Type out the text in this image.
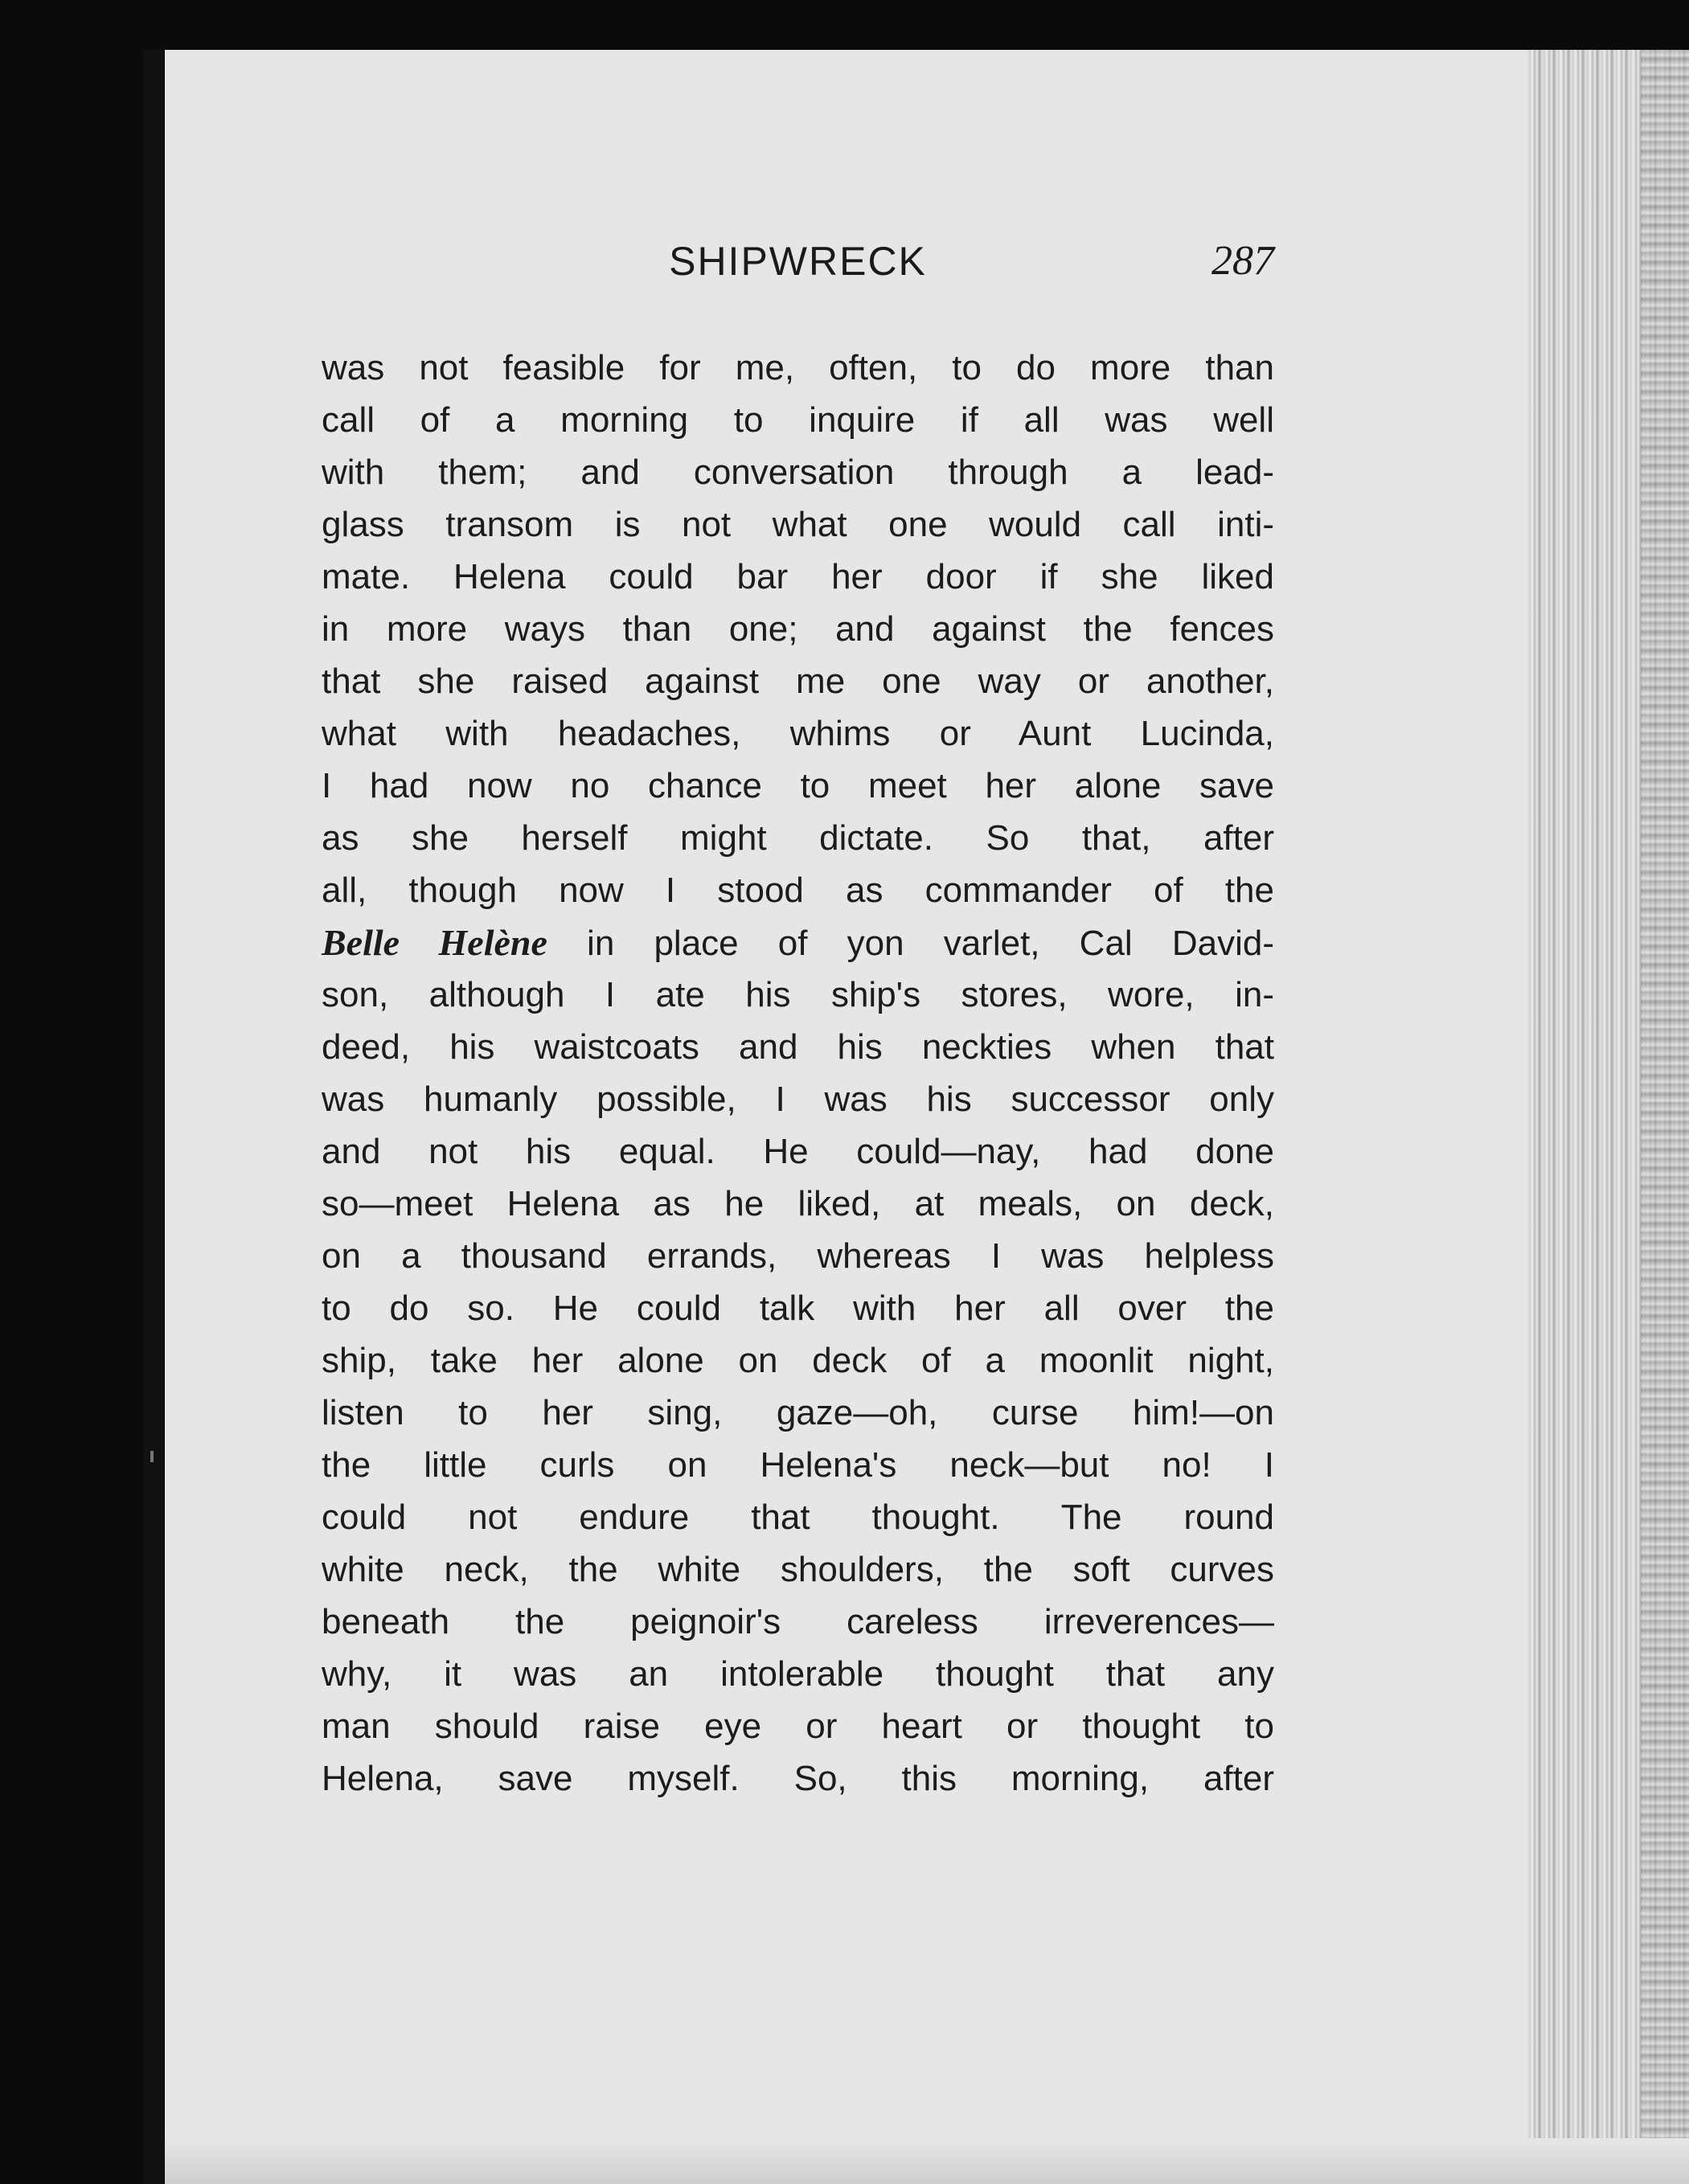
SHIPWRECK	287
was not feasible for me, often, to do more than
call of a morning to inquire if all was well
with them; and conversation through a lead-
glass transom is not what one would call inti-
mate. Helena could bar her door if she liked
in more ways than one; and against the fences
that she raised against me one way or another,
what with headaches, whims or Aunt Lucinda,
I had now no chance to meet her alone save
as she herself might dictate. So that, after
all, though now I stood as commander of the
Belle Helène in place of yon varlet, Cal David-
son, although I ate his ship's stores, wore, in-
deed, his waistcoats and his neckties when that
was humanly possible, I was his successor only
and not his equal. He could—nay, had done
so—meet Helena as he liked, at meals, on deck,
on a thousand errands, whereas I was helpless
to do so. He could talk with her all over the
ship, take her alone on deck of a moonlit night,
listen to her sing, gaze—oh, curse him!—on
the little curls on Helena's neck—but no! I
could not endure that thought. The round
white neck, the white shoulders, the soft curves
beneath the peignoir's careless irreverences—
why, it was an intolerable thought that any
man should raise eye or heart or thought to
Helena, save myself. So, this morning, after
